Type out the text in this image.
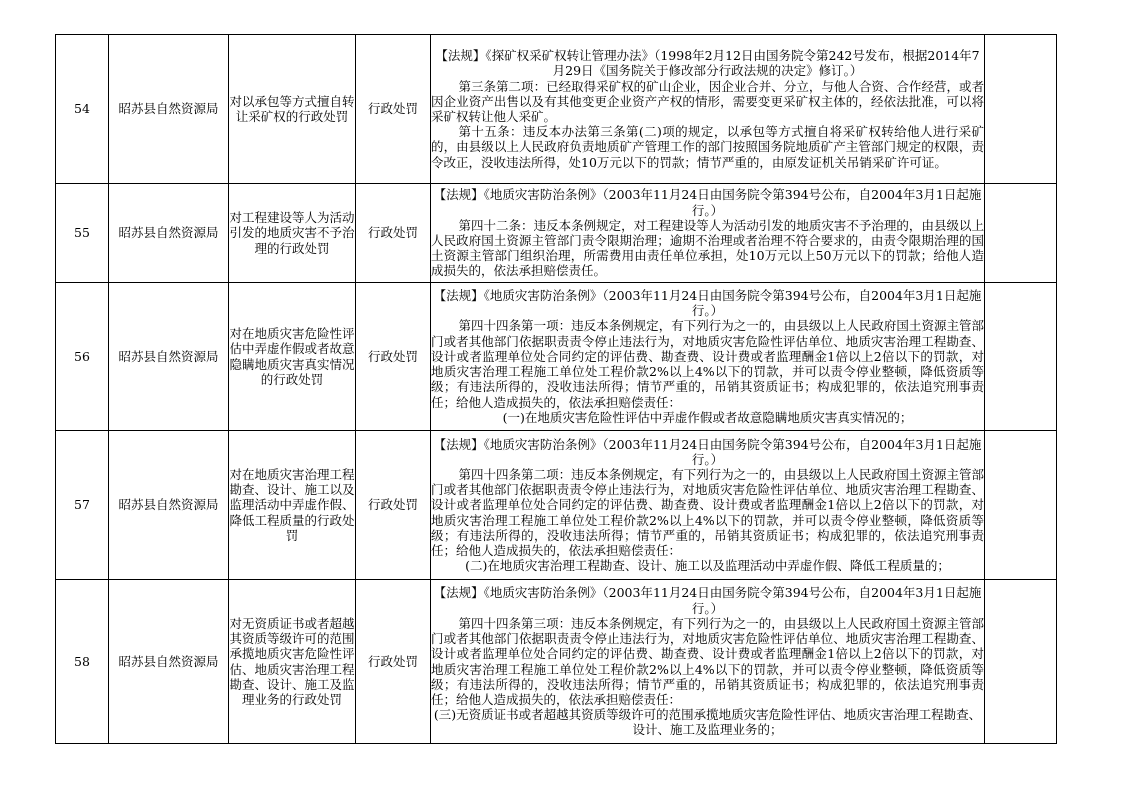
54	昭苏县自然资源局	对以承包等方式擅自转让采矿权的行政处罚	行政处罚	【法规】《探矿权采矿权转让管理办法》（1998年2月12日由国务院令第242号发布，根据2014年7月29日《国务院关于修改部分行政法规的决定》修订。）
第三条第二项：已经取得采矿权的矿山企业，因企业合并、分立，与他人合资、合作经营，或者因企业资产出售以及有其他变更企业资产产权的情形，需要变更采矿权主体的，经依法批准，可以将采矿权转让他人采矿。
第十五条：违反本办法第三条第(二)项的规定，以承包等方式擅自将采矿权转给他人进行采矿的，由县级以上人民政府负责地质矿产管理工作的部门按照国务院地质矿产主管部门规定的权限，责令改正，没收违法所得，处10万元以下的罚款；情节严重的，由原发证机关吊销采矿许可证。	

55	昭苏县自然资源局	对工程建设等人为活动引发的地质灾害不予治理的行政处罚	行政处罚	【法规】《地质灾害防治条例》（2003年11月24日由国务院令第394号公布，自2004年3月1日起施行。）
第四十二条：违反本条例规定，对工程建设等人为活动引发的地质灾害不予治理的，由县级以上人民政府国土资源主管部门责令限期治理；逾期不治理或者治理不符合要求的，由责令限期治理的国土资源主管部门组织治理，所需费用由责任单位承担，处10万元以上50万元以下的罚款；给他人造成损失的，依法承担赔偿责任。	

56	昭苏县自然资源局	对在地质灾害危险性评估中弄虚作假或者故意隐瞒地质灾害真实情况的行政处罚	行政处罚	【法规】《地质灾害防治条例》（2003年11月24日由国务院令第394号公布，自2004年3月1日起施行。）
第四十四条第一项：违反本条例规定，有下列行为之一的，由县级以上人民政府国土资源主管部门或者其他部门依据职责责令停止违法行为，对地质灾害危险性评估单位、地质灾害治理工程勘查、设计或者监理单位处合同约定的评估费、勘查费、设计费或者监理酬金1倍以上2倍以下的罚款，对地质灾害治理工程施工单位处工程价款2%以上4%以下的罚款，并可以责令停业整顿，降低资质等级；有违法所得的，没收违法所得；情节严重的，吊销其资质证书；构成犯罪的，依法追究刑事责任；给他人造成损失的，依法承担赔偿责任：
(一)在地质灾害危险性评估中弄虚作假或者故意隐瞒地质灾害真实情况的；	

57	昭苏县自然资源局	对在地质灾害治理工程勘查、设计、施工以及监理活动中弄虚作假、降低工程质量的行政处罚	行政处罚	【法规】《地质灾害防治条例》（2003年11月24日由国务院令第394号公布，自2004年3月1日起施行。）
第四十四条第二项：违反本条例规定，有下列行为之一的，由县级以上人民政府国土资源主管部门或者其他部门依据职责责令停止违法行为，对地质灾害危险性评估单位、地质灾害治理工程勘查、设计或者监理单位处合同约定的评估费、勘查费、设计费或者监理酬金1倍以上2倍以下的罚款，对地质灾害治理工程施工单位处工程价款2%以上4%以下的罚款，并可以责令停业整顿，降低资质等级；有违法所得的，没收违法所得；情节严重的，吊销其资质证书；构成犯罪的，依法追究刑事责任；给他人造成损失的，依法承担赔偿责任：
(二)在地质灾害治理工程勘查、设计、施工以及监理活动中弄虚作假、降低工程质量的；	

58	昭苏县自然资源局	对无资质证书或者超越其资质等级许可的范围承揽地质灾害危险性评估、地质灾害治理工程勘查、设计、施工及监理业务的行政处罚	行政处罚	【法规】《地质灾害防治条例》（2003年11月24日由国务院令第394号公布，自2004年3月1日起施行。）
第四十四条第三项：违反本条例规定，有下列行为之一的，由县级以上人民政府国土资源主管部门或者其他部门依据职责责令停止违法行为，对地质灾害危险性评估单位、地质灾害治理工程勘查、设计或者监理单位处合同约定的评估费、勘查费、设计费或者监理酬金1倍以上2倍以下的罚款，对地质灾害治理工程施工单位处工程价款2%以上4%以下的罚款，并可以责令停业整顿，降低资质等级；有违法所得的，没收违法所得；情节严重的，吊销其资质证书；构成犯罪的，依法追究刑事责任；给他人造成损失的，依法承担赔偿责任：
(三)无资质证书或者超越其资质等级许可的范围承揽地质灾害危险性评估、地质灾害治理工程勘查、设计、施工及监理业务的；	
